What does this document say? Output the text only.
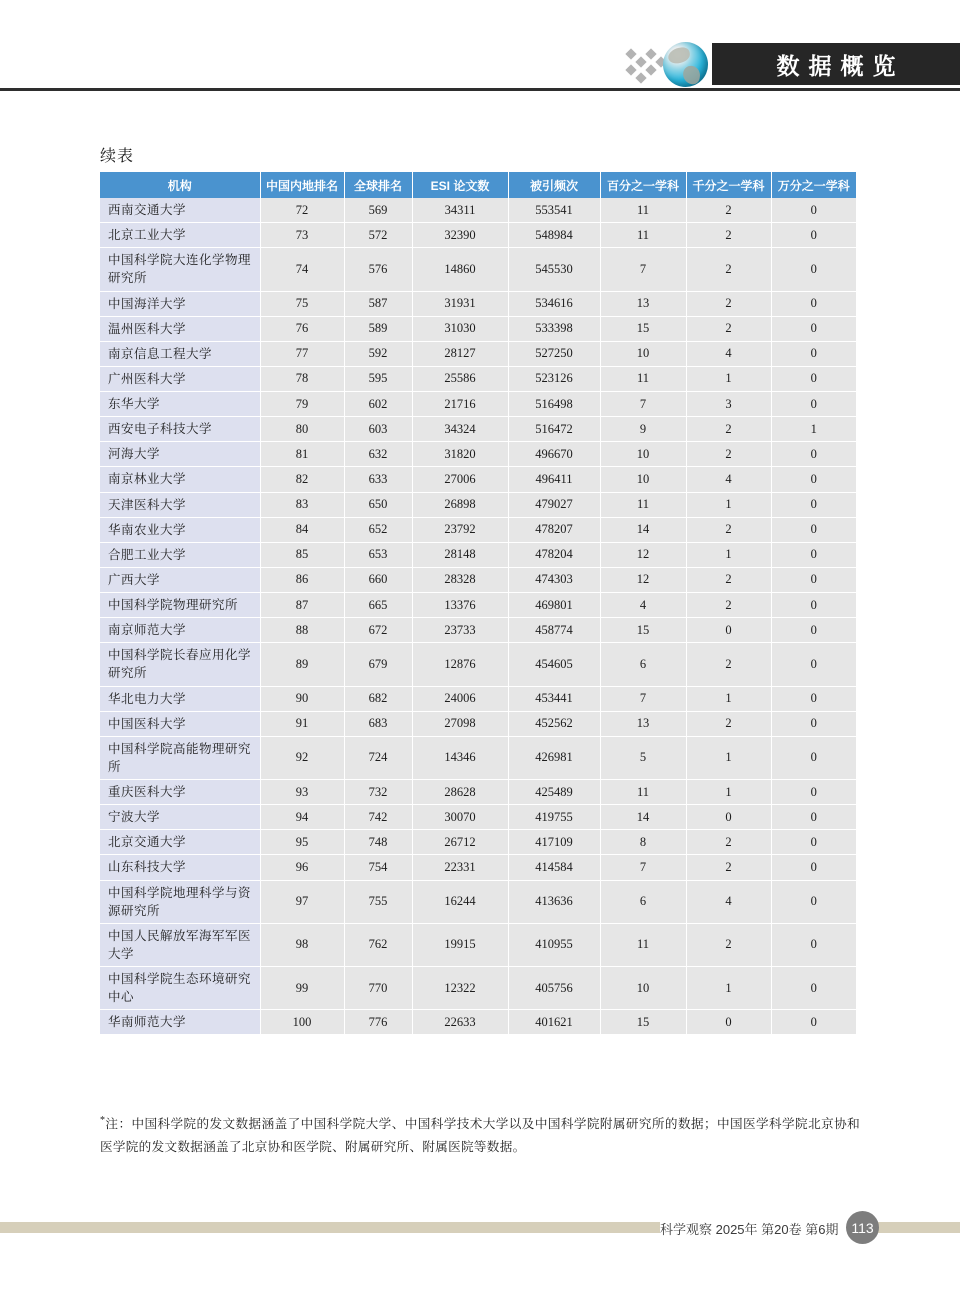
数据概览
续表
机构	中国内地排名	全球排名	ESI 论文数	被引频次	百分之一学科	千分之一学科	万分之一学科
西南交通大学	72	569	34311	553541	11	2	0
北京工业大学	73	572	32390	548984	11	2	0
中国科学院大连化学物理研究所	74	576	14860	545530	7	2	0
中国海洋大学	75	587	31931	534616	13	2	0
温州医科大学	76	589	31030	533398	15	2	0
南京信息工程大学	77	592	28127	527250	10	4	0
广州医科大学	78	595	25586	523126	11	1	0
东华大学	79	602	21716	516498	7	3	0
西安电子科技大学	80	603	34324	516472	9	2	1
河海大学	81	632	31820	496670	10	2	0
南京林业大学	82	633	27006	496411	10	4	0
天津医科大学	83	650	26898	479027	11	1	0
华南农业大学	84	652	23792	478207	14	2	0
合肥工业大学	85	653	28148	478204	12	1	0
广西大学	86	660	28328	474303	12	2	0
中国科学院物理研究所	87	665	13376	469801	4	2	0
南京师范大学	88	672	23733	458774	15	0	0
中国科学院长春应用化学研究所	89	679	12876	454605	6	2	0
华北电力大学	90	682	24006	453441	7	1	0
中国医科大学	91	683	27098	452562	13	2	0
中国科学院高能物理研究所	92	724	14346	426981	5	1	0
重庆医科大学	93	732	28628	425489	11	1	0
宁波大学	94	742	30070	419755	14	0	0
北京交通大学	95	748	26712	417109	8	2	0
山东科技大学	96	754	22331	414584	7	2	0
中国科学院地理科学与资源研究所	97	755	16244	413636	6	4	0
中国人民解放军海军军医大学	98	762	19915	410955	11	2	0
中国科学院生态环境研究中心	99	770	12322	405756	10	1	0
华南师范大学	100	776	22633	401621	15	0	0
*注：中国科学院的发文数据涵盖了中国科学院大学、中国科学技术大学以及中国科学院附属研究所的数据；中国医学科学院北京协和医学院的发文数据涵盖了北京协和医学院、附属研究所、附属医院等数据。
科学观察 2025年 第20卷 第6期 113
